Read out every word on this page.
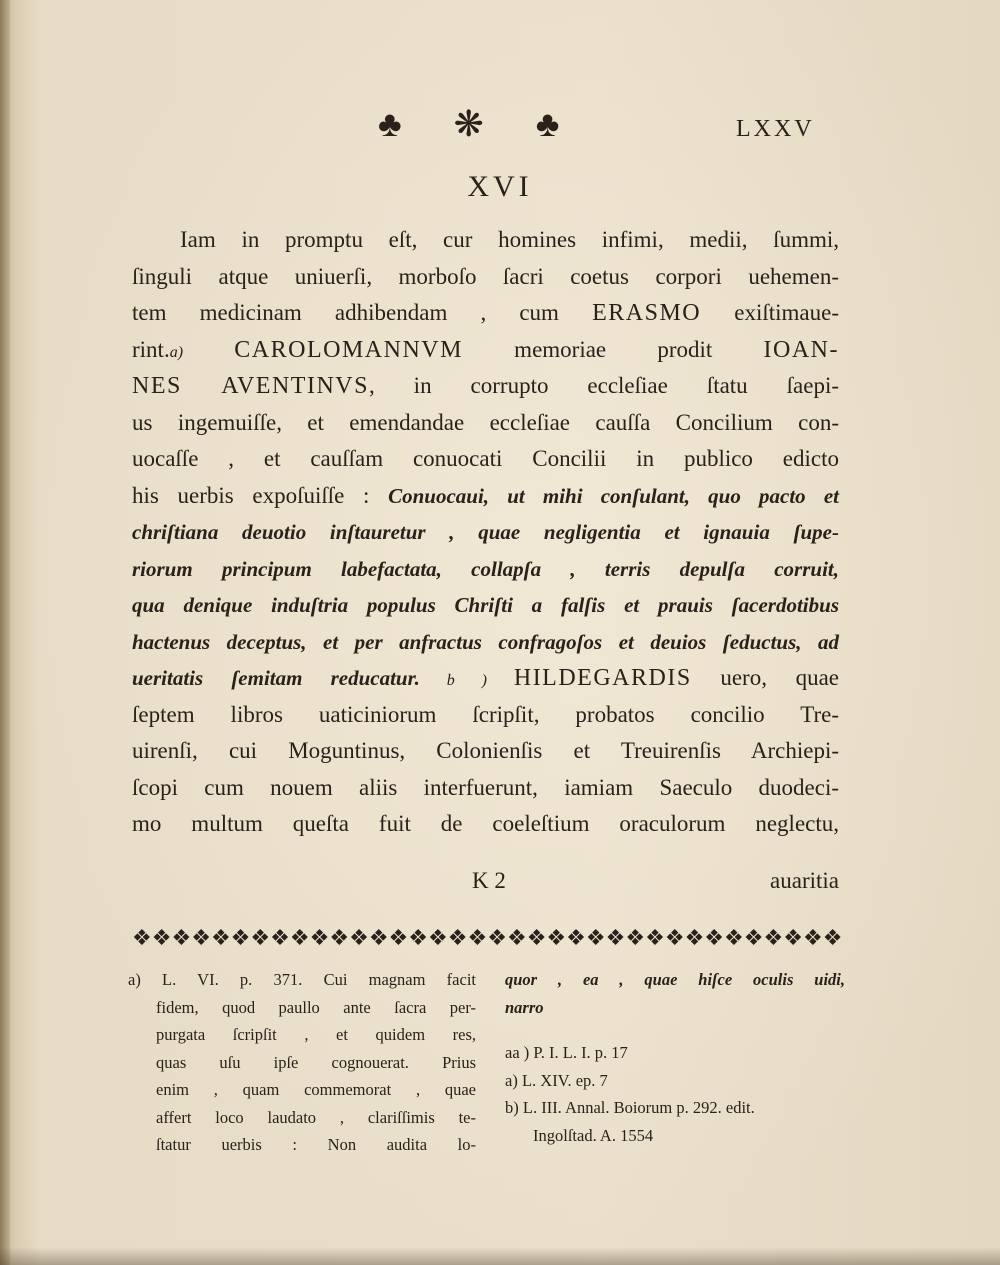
♣ ❋ ♣	LXXV
XVI
Iam in promptu eſt, cur homines infimi, medii, ſummi,
ſinguli atque uniuerſi, morboſo ſacri coetus corpori uehemen-
tem medicinam adhibendam , cum ERASMO exiſtimaue-
rint.a) CAROLOMANNVM memoriae prodit IOAN-
NES AVENTINVS, in corrupto eccleſiae ſtatu ſaepi-
us ingemuiſſe, et emendandae eccleſiae cauſſa Concilium con-
uocaſſe , et cauſſam conuocati Concilii in publico edicto
his uerbis expoſuiſſe : Conuocaui, ut mihi conſulant, quo pacto et
chriſtiana deuotio inſtauretur , quae negligentia et ignauia ſupe-
riorum principum labefactata, collapſa , terris depulſa corruit,
qua denique induſtria populus Chriſti a falſis et prauis ſacerdotibus
hactenus deceptus, et per anfractus confragoſos et deuios ſeductus, ad
ueritatis ſemitam reducatur. b ) HILDEGARDIS uero, quae
ſeptem libros uaticiniorum ſcripſit, probatos concilio Tre-
uirenſi, cui Moguntinus, Colonienſis et Treuirenſis Archiepi-
ſcopi cum nouem aliis interfuerunt, iamiam Saeculo duodeci-
mo multum queſta fuit de coeleſtium oraculorum neglectu,
K 2	auaritia
❖ ❖ ❖ ❖ ❖ ❖ ❖ ❖ ❖ ❖ ❖ ❖ ❖ ❖ ❖ ❖ ❖ ❖ ❖ ❖ ❖ ❖ ❖ ❖ ❖ ❖ ❖ ❖ ❖ ❖ ❖ ❖ ❖ ❖ ❖ ❖
a) L. VI. p. 371. Cui magnam facit
fidem, quod paullo ante ſacra per-
purgata ſcripſit , et quidem res,
quas uſu ipſe cognouerat. Prius
enim , quam commemorat , quae
affert loco laudato , clariſſimis te-
ſtatur uerbis : Non audita lo-
quor , ea , quae hiſce oculis uidi,
narro
aa ) P. I. L. I. p. 17
a) L. XIV. ep. 7
b) L. III. Annal. Boiorum p. 292. edit.
Ingolſtad. A. 1554
